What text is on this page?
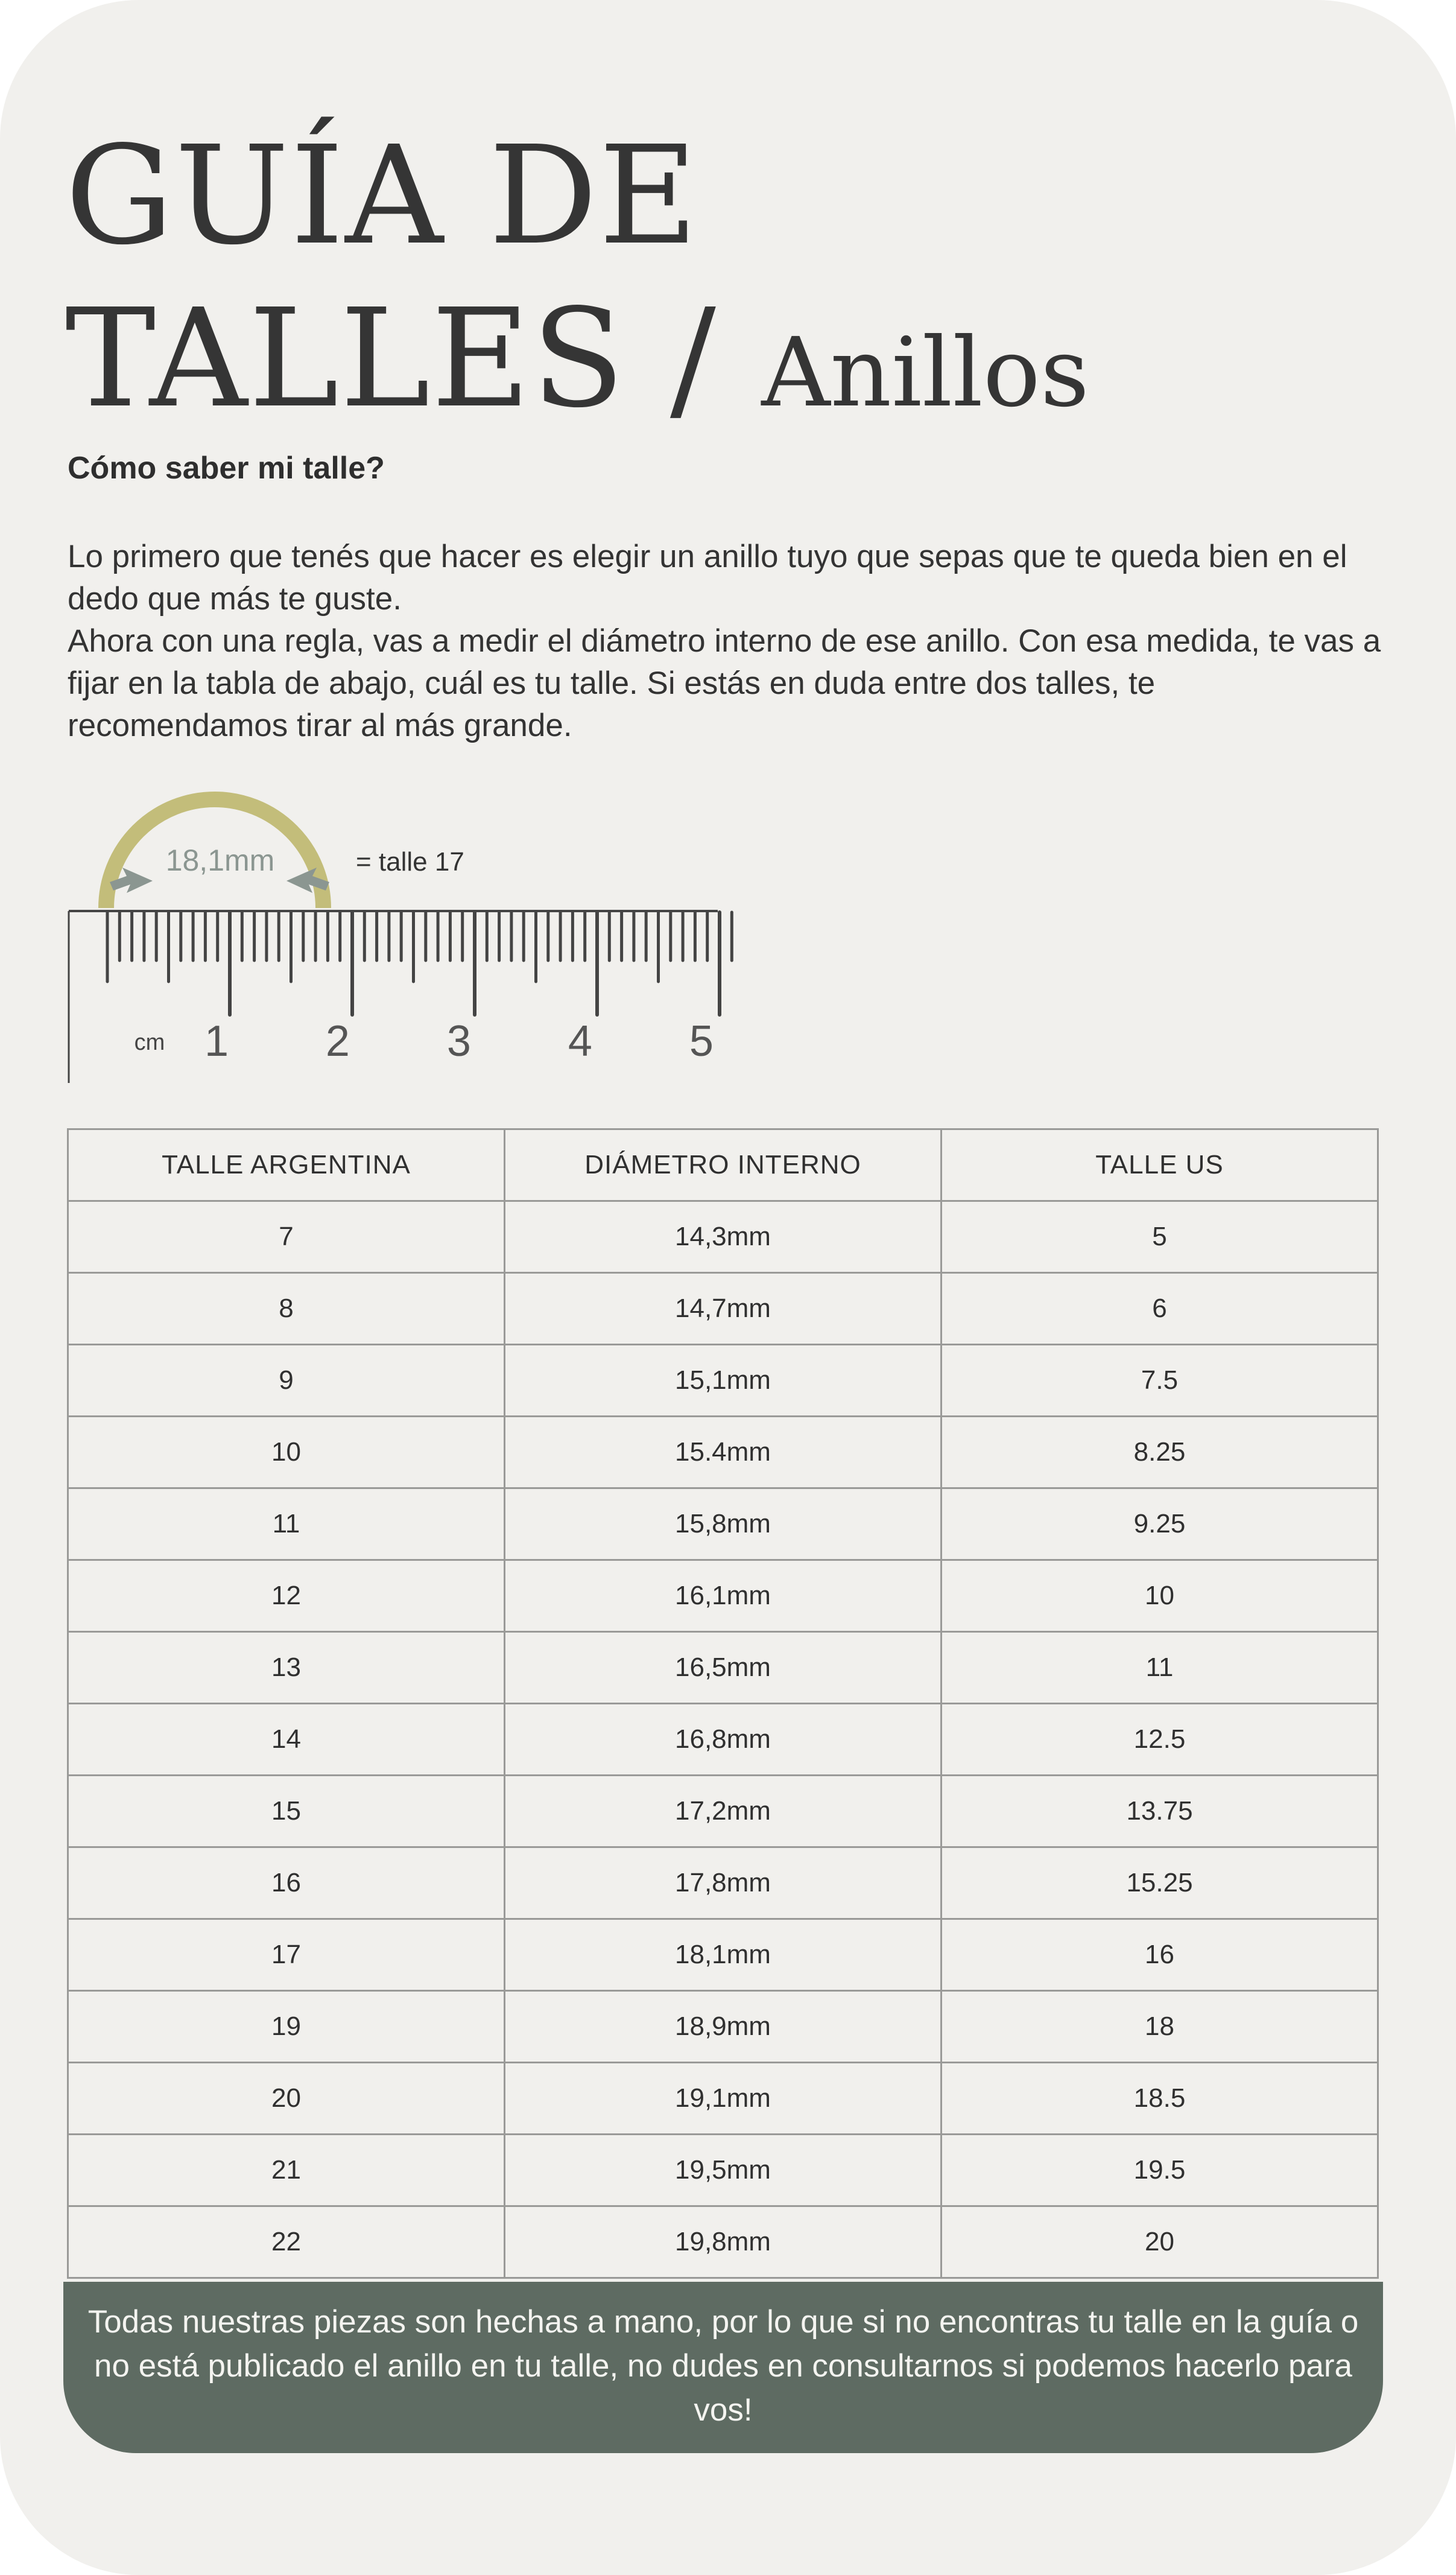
GUÍA DE
TALLES / Anillos
Cómo saber mi talle?

Lo primero que tenés que hacer es elegir un anillo tuyo que sepas que te queda bien en el dedo que más te guste.

Ahora con una regla, vas a medir el diámetro interno de ese anillo. Con esa medida, te vas a fijar en la tabla de abajo, cuál es tu talle. Si estás en duda entre dos talles, te recomendamos tirar al más grande.

18,1mm	= talle 17
cm 1 2 3 4 5
TALLE ARGENTINA	DIÁMETRO INTERNO	TALLE US
7	14,3mm	5
8	14,7mm	6
9	15,1mm	7.5
10	15.4mm	8.25
11	15,8mm	9.25
12	16,1mm	10
13	16,5mm	11
14	16,8mm	12.5
15	17,2mm	13.75
16	17,8mm	15.25
17	18,1mm	16
19	18,9mm	18
20	19,1mm	18.5
21	19,5mm	19.5
22	19,8mm	20

Todas nuestras piezas son hechas a mano, por lo que si no encontras tu talle en la guía o no está publicado el anillo en tu talle, no dudes en consultarnos si podemos hacerlo para vos!
